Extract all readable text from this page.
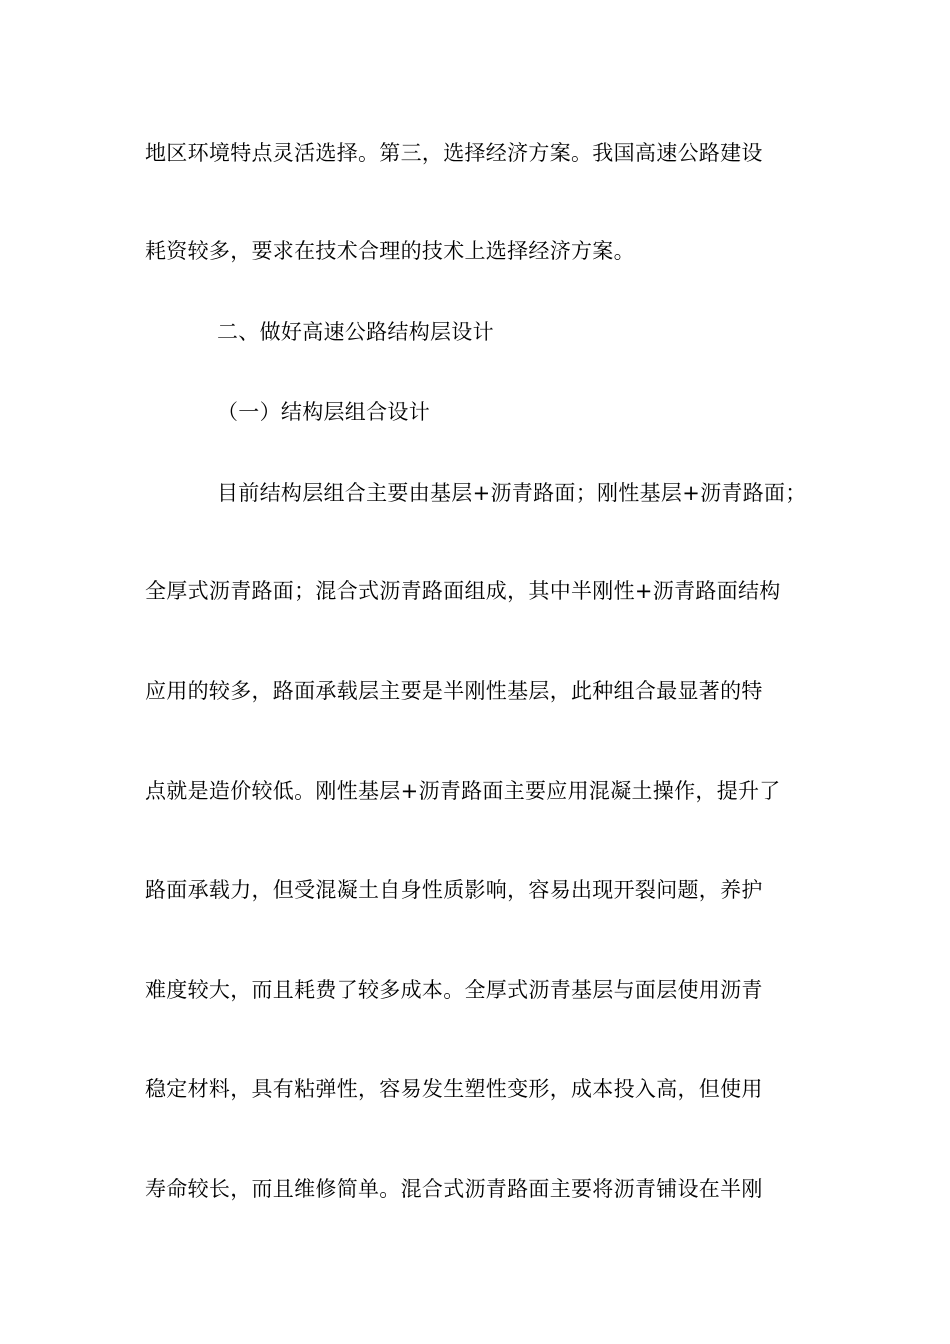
地区环境特点灵活选择。第三，选择经济方案。我国高速公路建设
耗资较多，要求在技术合理的技术上选择经济方案。
二、做好高速公路结构层设计
（一）结构层组合设计
目前结构层组合主要由基层+沥青路面；刚性基层+沥青路面；
全厚式沥青路面；混合式沥青路面组成，其中半刚性+沥青路面结构
应用的较多，路面承载层主要是半刚性基层，此种组合最显著的特
点就是造价较低。刚性基层+沥青路面主要应用混凝土操作，提升了
路面承载力，但受混凝土自身性质影响，容易出现开裂问题，养护
难度较大，而且耗费了较多成本。全厚式沥青基层与面层使用沥青
稳定材料，具有粘弹性，容易发生塑性变形，成本投入高，但使用
寿命较长，而且维修简单。混合式沥青路面主要将沥青铺设在半刚
